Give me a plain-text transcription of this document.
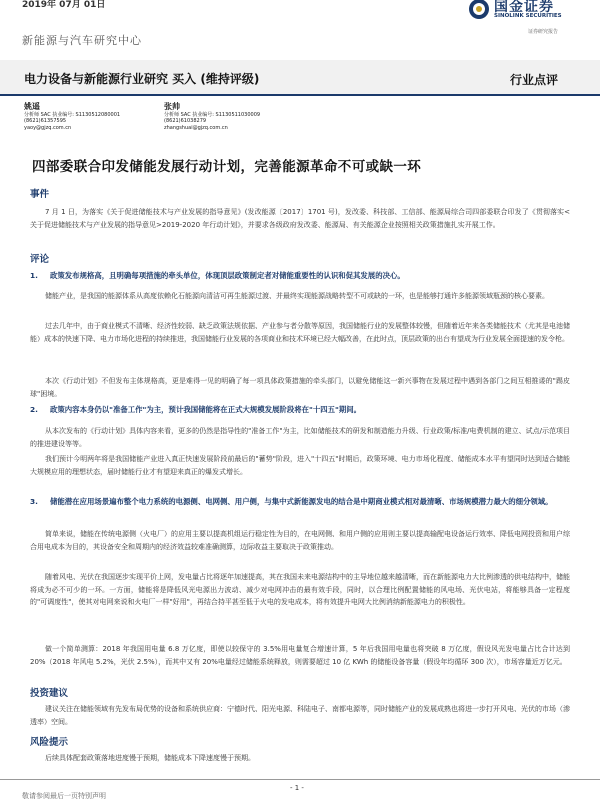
2019年 07月 01日	国金证券
SINOLINK SECURITIES
证券研究报告
新能源与汽车研究中心
电力设备与新能源行业研究 买入 (维持评级)	行业点评
姚遥
分析师 SAC 执业编号: S1130512080001
(8621)61357595
yaoy@gjzq.com.cn
张帅
分析师 SAC 执业编号: S1130511030009
(8621)61038279
zhangshuai@gjzq.com.cn
四部委联合印发储能发展行动计划，完善能源革命不可或缺一环
事件
7 月 1 日，为落实《关于促进储能技术与产业发展的指导意见》(发改能源〔2017〕1701 号)，发改委、科技部、工信部、能源局综合司四部委联合印发了《贯彻落实<关于促进储能技术与产业发展的指导意见>2019-2020 年行动计划》，并要求各级政府发改委、能源局、有关能源企业按照相关政策措施扎实开展工作。
评论
1. 政策发布规格高，且明确每项措施的牵头单位，体现顶层政策制定者对储能重要性的认识和促其发展的决心。
储能产业，是我国的能源体系从高度依赖化石能源向清洁可再生能源过渡、并最终实现能源战略转型不可或缺的一环，也是能够打通许多能源领域瓶颈的核心要素。
过去几年中，由于商业模式不清晰、经济性较弱、缺乏政策法规依据、产业参与者分散等原因，我国储能行业的发展整体较慢，但随着近年来各类储能技术（尤其是电池储能）成本的快速下降、电力市场化进程的持续推进，我国储能行业发展的各项商业和技术环境已经大幅改善，在此时点，顶层政策的出台有望成为行业发展全面提速的发令枪。
本次《行动计划》不但发布主体规格高，更是难得一见的明确了每一项具体政策措施的牵头部门，以避免储能这一新兴事物在发展过程中遇到各部门之间互相推诿的"踢皮球"困境。
2. 政策内容本身仍以"准备工作"为主，预计我国储能将在正式大规模发展阶段将在"十四五"期间。
从本次发布的《行动计划》具体内容来看，更多的仍然是指导性的"准备工作"为主，比如储能技术的研发和制造能力升级、行业政策/标准/电费机制的建立、试点/示范项目的推进建设等等。
我们预计今明两年将是我国储能产业进入真正快速发展阶段前最后的"蓄势"阶段，进入"十四五"时期后，政策环境、电力市场化程度、储能成本水平有望同时达到适合储能大规模应用的理想状态，届时储能行业才有望迎来真正的爆发式增长。
3. 储能潜在应用场景遍布整个电力系统的电源侧、电网侧、用户侧，与集中式新能源发电的结合是中期商业模式相对最清晰、市场规模潜力最大的细分领域。
简单来说，储能在传统电源侧（火电厂）的应用主要以提高机组运行稳定性为目的，在电网侧、和用户侧的应用则主要以提高输配电设备运行效率、降低电网投资和用户综合用电成本为目的，其设备安全和周期内的经济效益较难准确测算，边际收益主要取决于政策推动。
随着风电、光伏在我国逐步实现平价上网，发电量占比将逐年加速提高，其在我国未来电源结构中的主导地位越来越清晰，而在新能源电力大比例渗透的供电结构中，储能将成为必不可少的一环。一方面，储能将是降低风光电源出力波动、减少对电网冲击的最有效手段，同时，以合理比例配置储能的风电场、光伏电站，将能够具备一定程度的"可调度性"，使其对电网来说和火电厂一样"好用"，再结合持平甚至低于火电的发电成本，将有效提升电网大比例消纳新能源电力的积极性。
做一个简单测算：2018 年我国用电量 6.8 万亿度，即使以较保守的 3.5%用电量复合增速计算，5 年后我国用电量也将突破 8 万亿度，假设风光发电量占比合计达到 20%（2018 年风电 5.2%，光伏 2.5%），而其中又有 20%电量经过储能系统释放，则需要超过 10 亿 KWh 的储能设备容量（假设年均循环 300 次），市场容量近万亿元。
投资建议
建议关注在储能领域有先发布局优势的设备和系统供应商：宁德时代、阳光电源、科陆电子、南都电源等，同时储能产业的发展成熟也将进一步打开风电、光伏的市场（渗透率）空间。
风险提示
后续具体配套政策落地进度慢于预期，储能成本下降速度慢于预期。
- 1 -
敬请参阅最后一页特别声明
